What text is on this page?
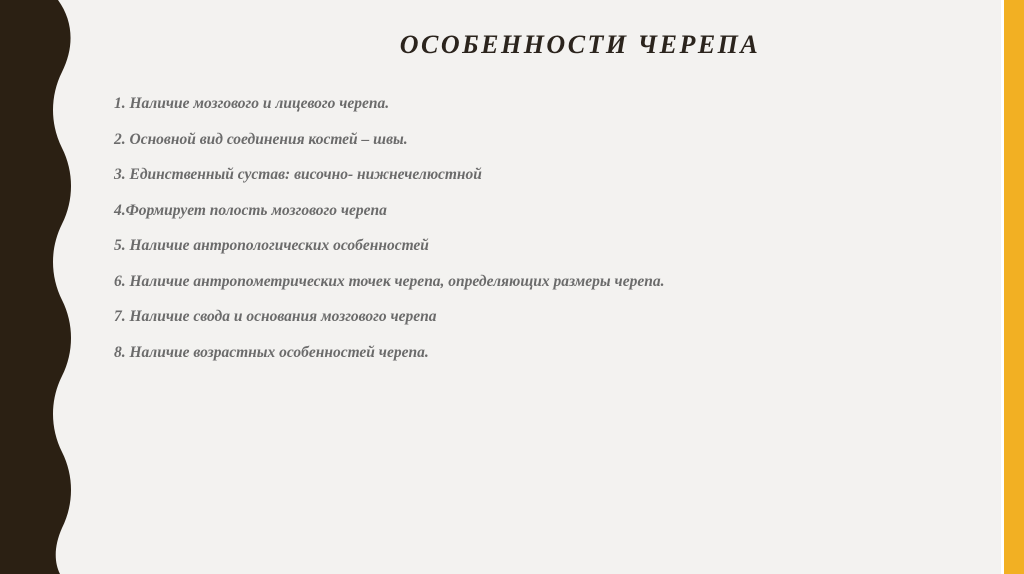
ОСОБЕННОСТИ ЧЕРЕПА
1. Наличие мозгового и лицевого черепа.
2. Основной вид соединения костей – швы.
3. Единственный сустав: височно- нижнечелюстной
4.Формирует полость мозгового черепа
5. Наличие антропологических особенностей
6. Наличие антропометрических точек черепа, определяющих размеры черепа.
7. Наличие свода и основания мозгового черепа
8. Наличие возрастных особенностей черепа.
